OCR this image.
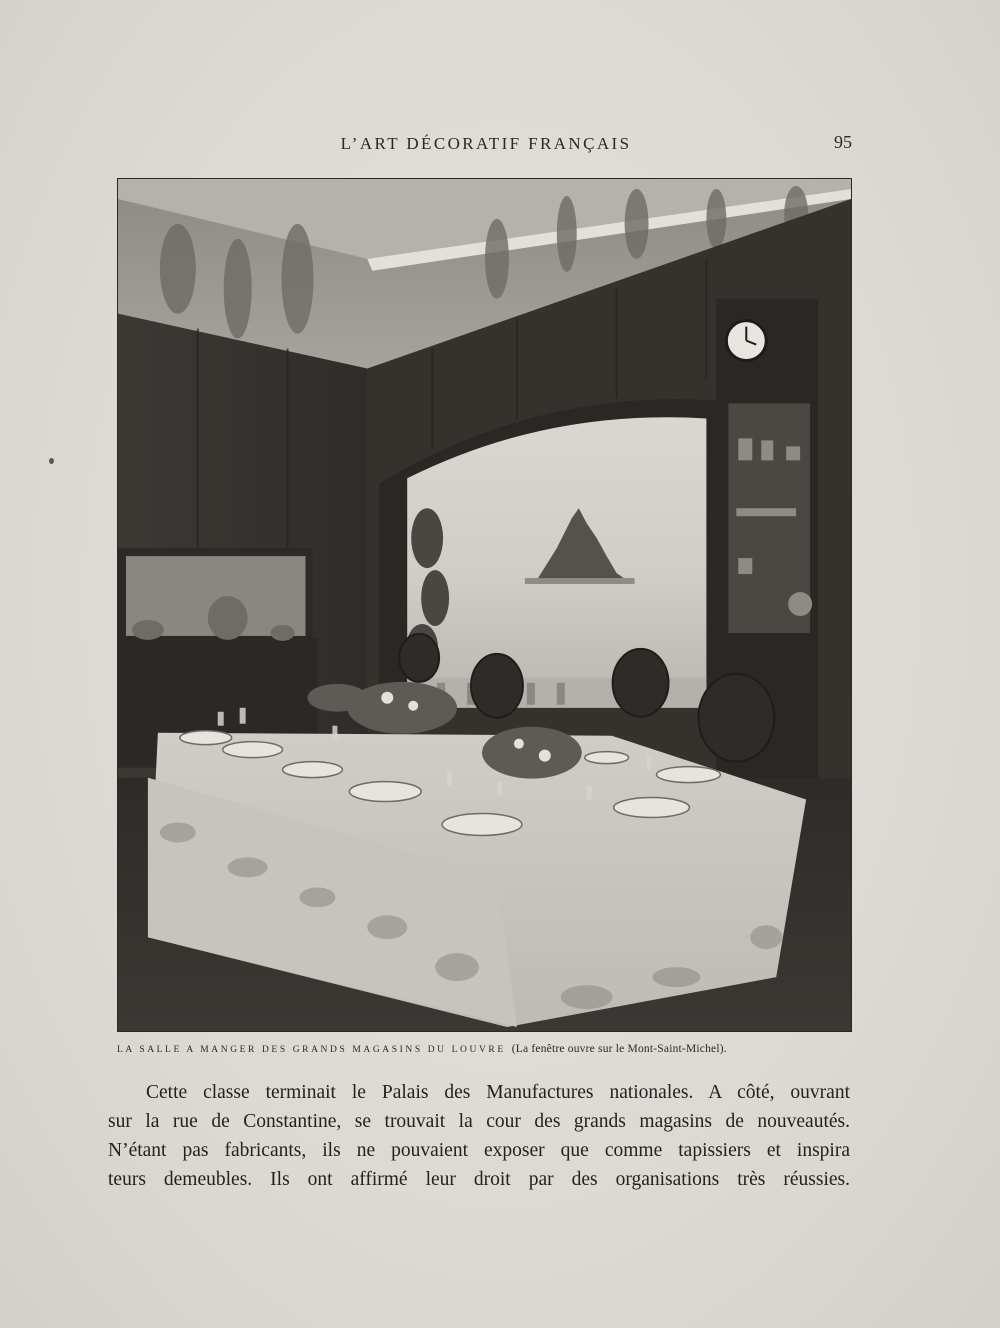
L’ART DÉCORATIF FRANÇAIS	95
LA SALLE A MANGER DES GRANDS MAGASINS DU LOUVRE (La fenêtre ouvre sur le Mont-Saint-Michel).
Cette classe terminait le Palais des Manufactures nationales. A côté, ouvrant
sur la rue de Constantine, se trouvait la cour des grands magasins de nouveautés.
N’étant pas fabricants, ils ne pouvaient exposer que comme tapissiers et inspira
teurs demeubles. Ils ont affirmé leur droit par des organisations très réussies.
